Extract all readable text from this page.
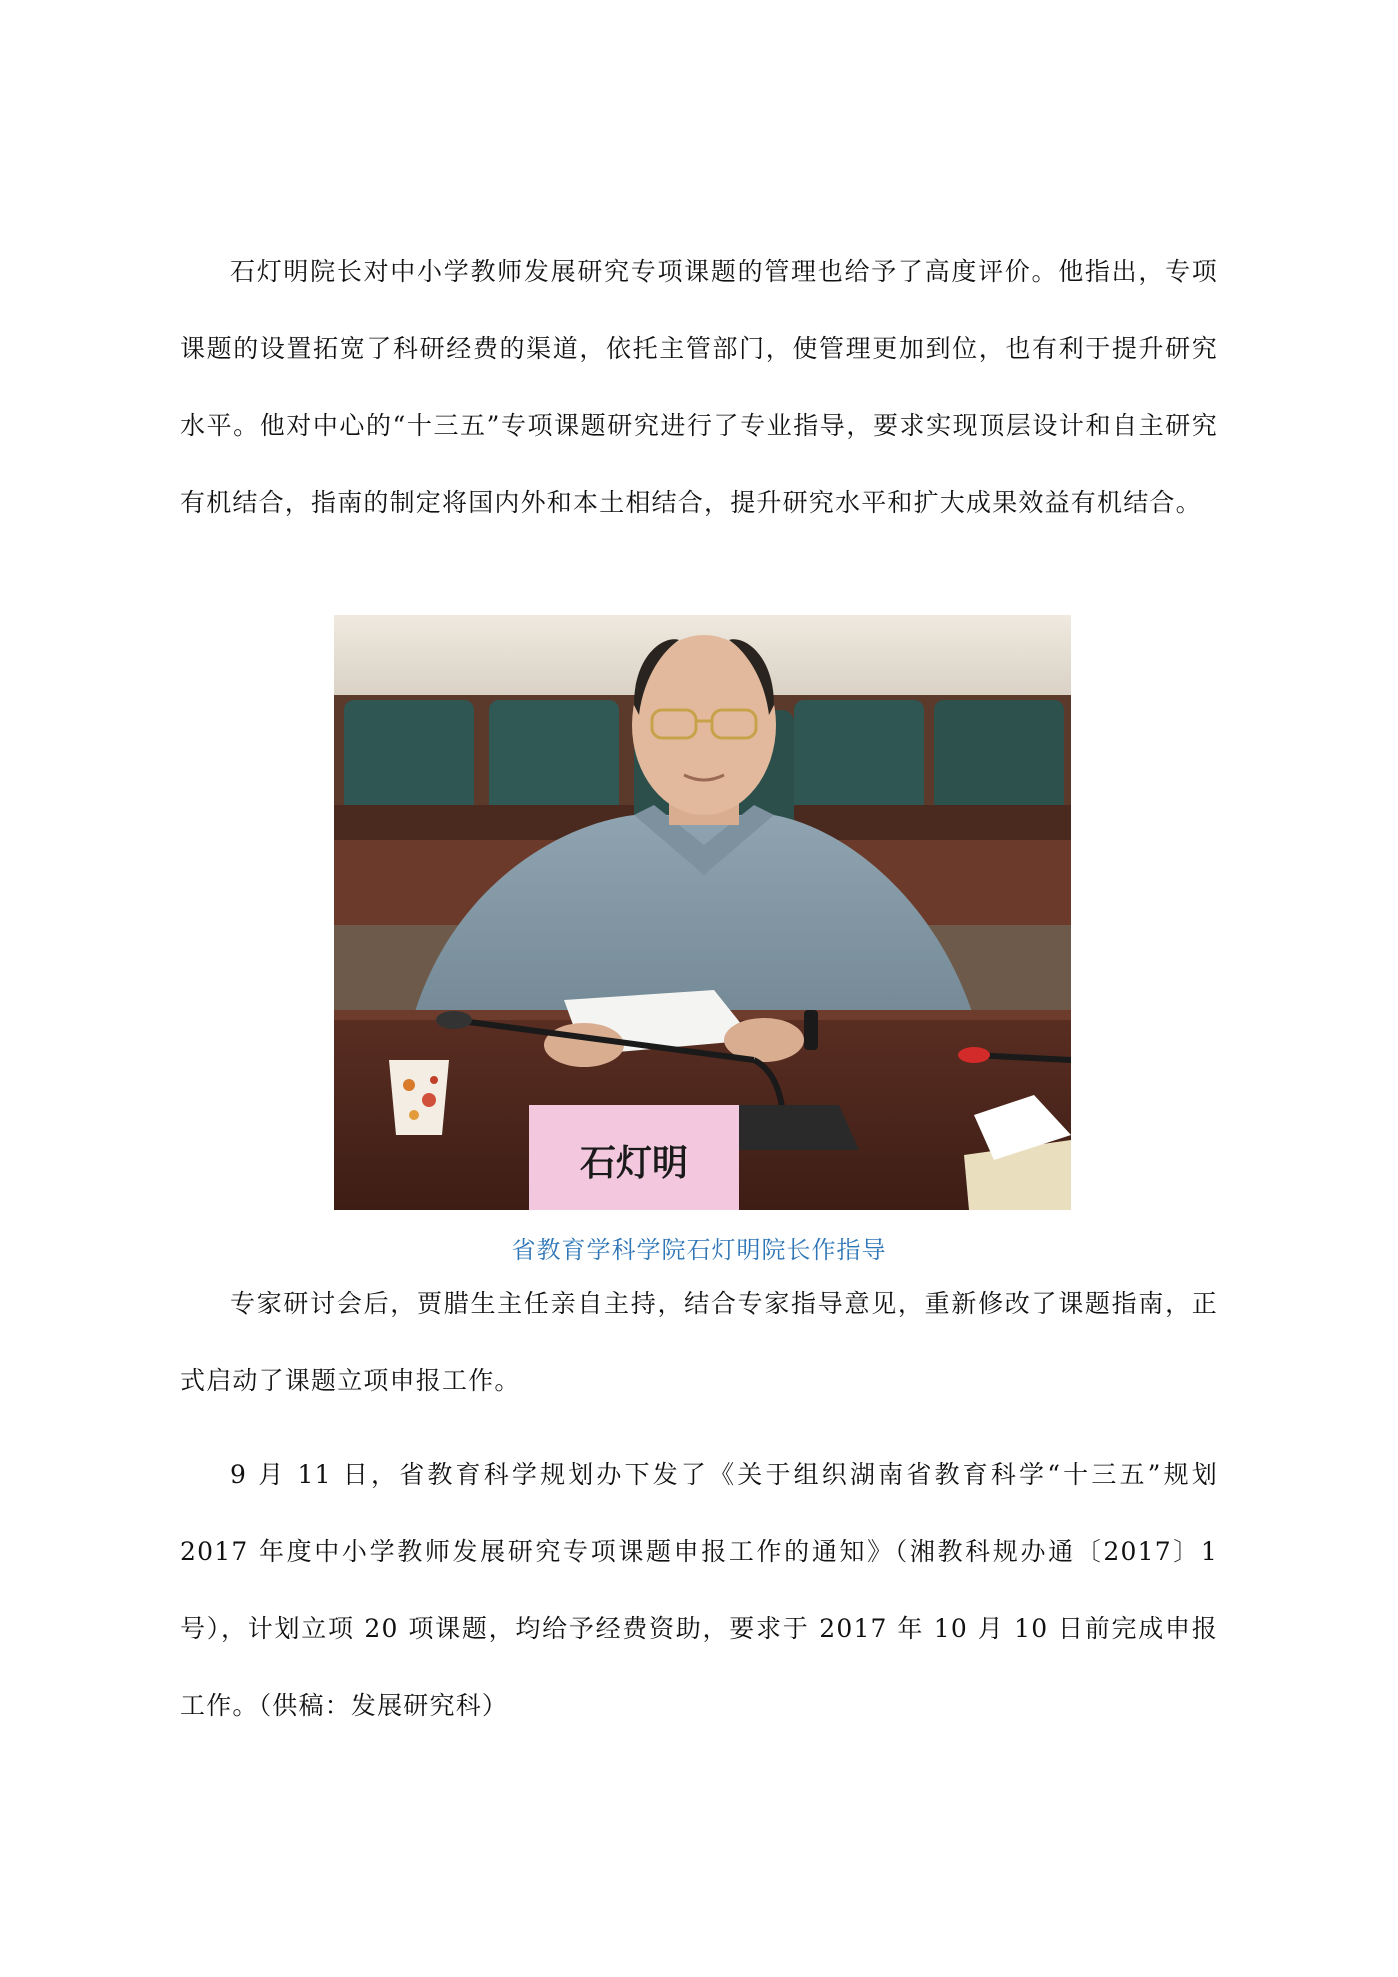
石灯明院长对中小学教师发展研究专项课题的管理也给予了高度评价。他指出，专项课题的设置拓宽了科研经费的渠道，依托主管部门，使管理更加到位，也有利于提升研究水平。他对中心的“十三五”专项课题研究进行了专业指导，要求实现顶层设计和自主研究有机结合，指南的制定将国内外和本土相结合，提升研究水平和扩大成果效益有机结合。

石灯明
省教育学科学院石灯明院长作指导

专家研讨会后，贾腊生主任亲自主持，结合专家指导意见，重新修改了课题指南，正式启动了课题立项申报工作。

9 月 11 日，省教育科学规划办下发了《关于组织湖南省教育科学“十三五”规划 2017 年度中小学教师发展研究专项课题申报工作的通知》（湘教科规办通〔2017〕1 号），计划立项 20 项课题，均给予经费资助，要求于 2017 年 10 月 10 日前完成申报工作。（供稿：发展研究科）
